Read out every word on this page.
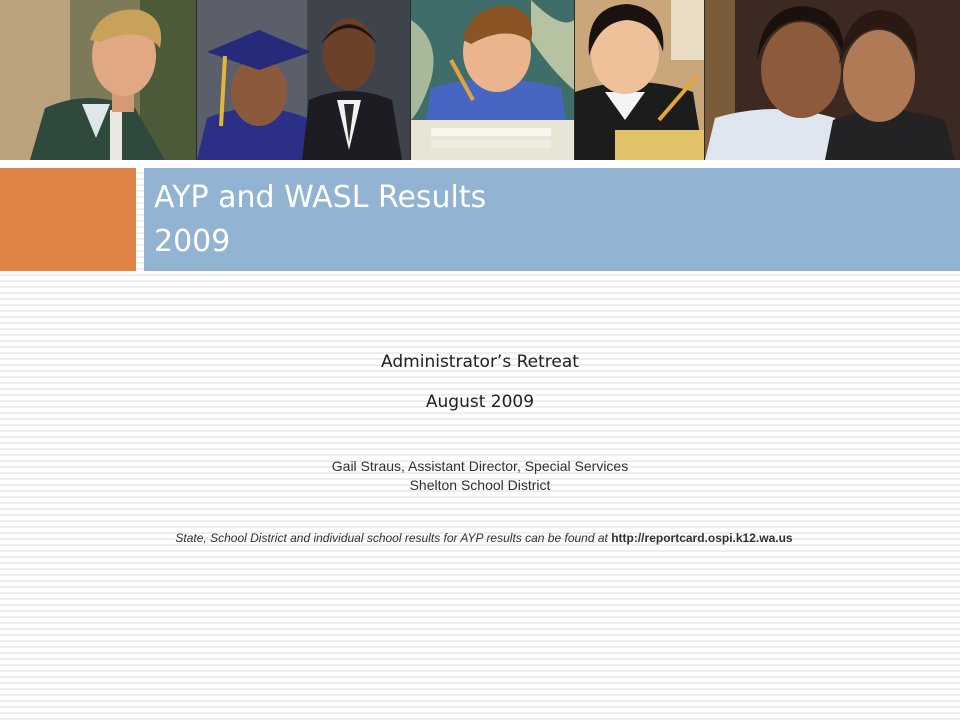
AYP and WASL Results
2009
Administrator’s Retreat
August 2009
Gail Straus, Assistant Director, Special Services
Shelton School District
State, School District and individual school results for AYP results can be found at http://reportcard.ospi.k12.wa.us
